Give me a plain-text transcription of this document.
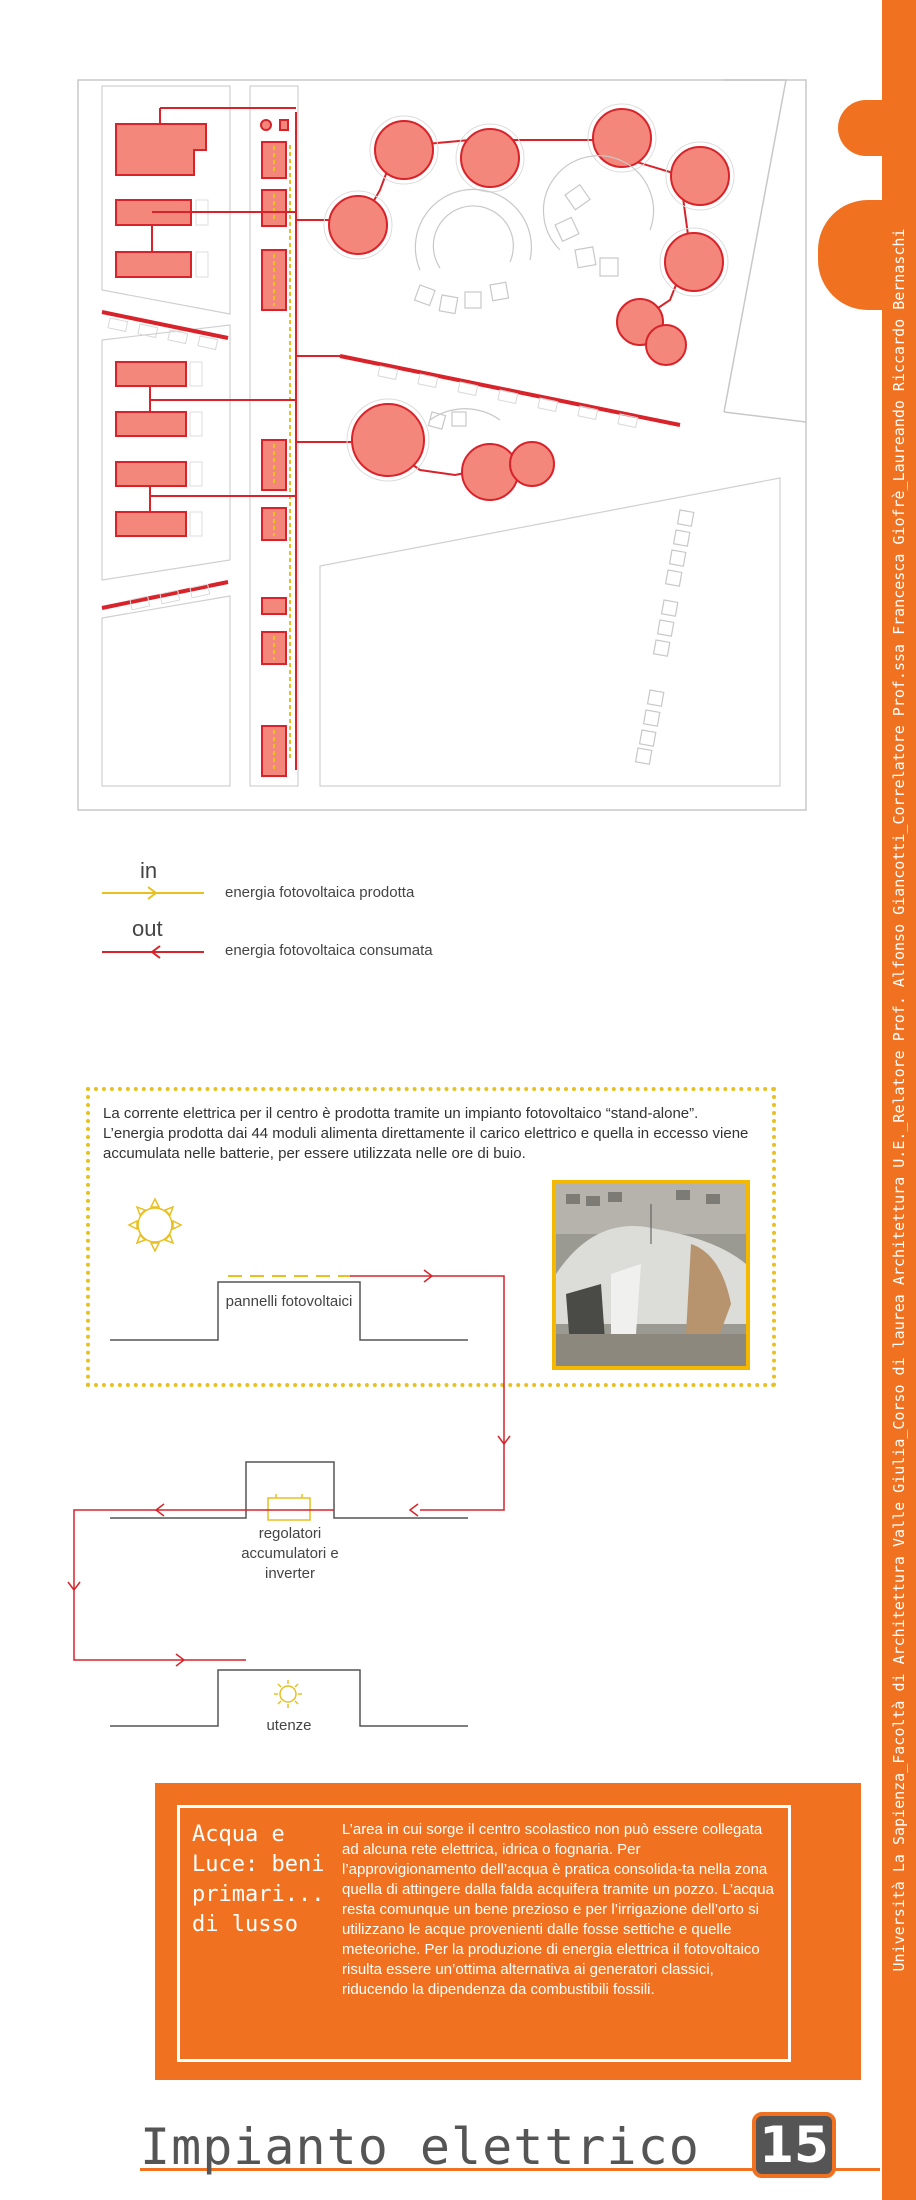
in
energia fotovoltaica prodotta
out
energia fotovoltaica consumata
La corrente elettrica per il centro è prodotta tramite un impianto fotovoltaico “stand-alone”. L’energia prodotta dai 44 moduli alimenta direttamente il carico elettrico e quella in eccesso viene accumulata nelle batterie, per essere utilizzata nelle ore di buio.
pannelli fotovoltaici
regolatori accumulatori e inverter
utenze
Acqua e Luce: beni primari... di lusso
L’area in cui sorge il centro scolastico non può essere collegata ad alcuna rete elettrica, idrica o fognaria. Per l’approvigionamento dell’acqua è pratica consolida-ta nella zona quella di attingere dalla falda acquifera tramite un pozzo. L’acqua resta comunque un bene prezioso e per l’irrigazione dell’orto si utilizzano le acque provenienti dalle fosse settiche e quelle meteoriche. Per la produzione di energia elettrica il fotovoltaico risulta essere un’ottima alternativa ai generatori classici, riducendo la dipendenza da combustibili fossili.
Università La Sapienza_Facoltà di Architettura Valle Giulia_Corso di laurea Architettura U.E._Relatore Prof. Alfonso Giancotti_Correlatore Prof.ssa Francesca Giofrè_Laureando Riccardo Bernaschi
Impianto elettrico 15
